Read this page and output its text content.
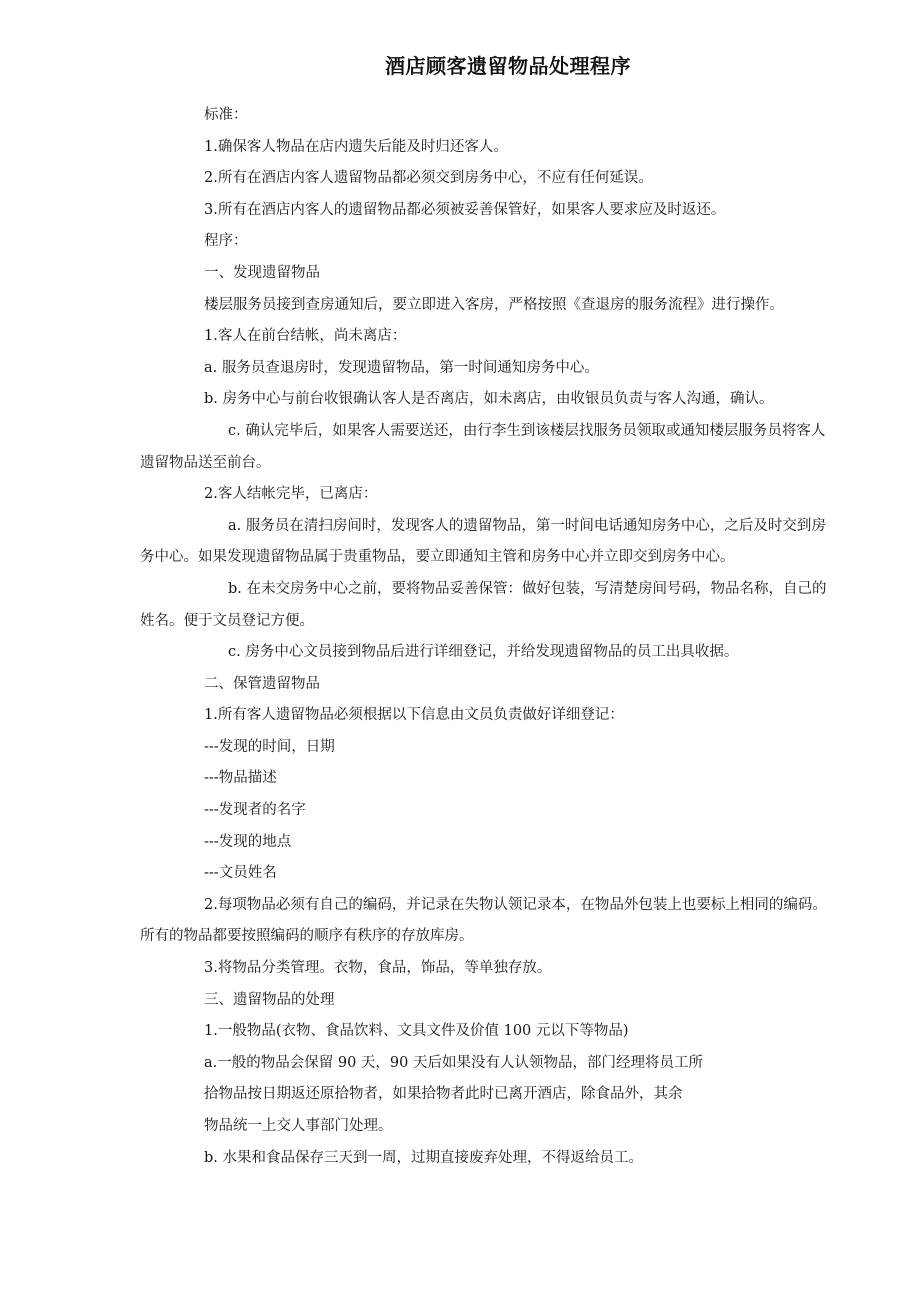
酒店顾客遗留物品处理程序

标准：

1.确保客人物品在店内遗失后能及时归还客人。

2.所有在酒店内客人遗留物品都必须交到房务中心，不应有任何延误。

3.所有在酒店内客人的遗留物品都必须被妥善保管好，如果客人要求应及时返还。

程序：

一、发现遗留物品

楼层服务员接到查房通知后，要立即进入客房，严格按照《查退房的服务流程》进行操作。

1.客人在前台结帐，尚未离店：

a. 服务员查退房时，发现遗留物品，第一时间通知房务中心。

b. 房务中心与前台收银确认客人是否离店，如未离店，由收银员负责与客人沟通，确认。

c. 确认完毕后，如果客人需要送还，由行李生到该楼层找服务员领取或通知楼层服务员将客人遗留物品送至前台。

2.客人结帐完毕，已离店：

a. 服务员在清扫房间时，发现客人的遗留物品，第一时间电话通知房务中心，之后及时交到房务中心。如果发现遗留物品属于贵重物品，要立即通知主管和房务中心并立即交到房务中心。

b. 在未交房务中心之前，要将物品妥善保管：做好包装，写清楚房间号码，物品名称，自己的姓名。便于文员登记方便。

c. 房务中心文员接到物品后进行详细登记，并给发现遗留物品的员工出具收据。

二、保管遗留物品

1.所有客人遗留物品必须根据以下信息由文员负责做好详细登记：

---发现的时间，日期

---物品描述

---发现者的名字

---发现的地点

---文员姓名

2.每项物品必须有自己的编码，并记录在失物认领记录本，在物品外包装上也要标上相同的编码。所有的物品都要按照编码的顺序有秩序的存放库房。

3.将物品分类管理。衣物，食品，饰品，等单独存放。

三、遗留物品的处理

1.一般物品(衣物、食品饮料、文具文件及价值 100 元以下等物品)

a.一般的物品会保留 90 天，90 天后如果没有人认领物品，部门经理将员工所

拾物品按日期返还原拾物者，如果拾物者此时已离开酒店，除食品外，其余

物品统一上交人事部门处理。

b. 水果和食品保存三天到一周，过期直接废弃处理，不得返给员工。
